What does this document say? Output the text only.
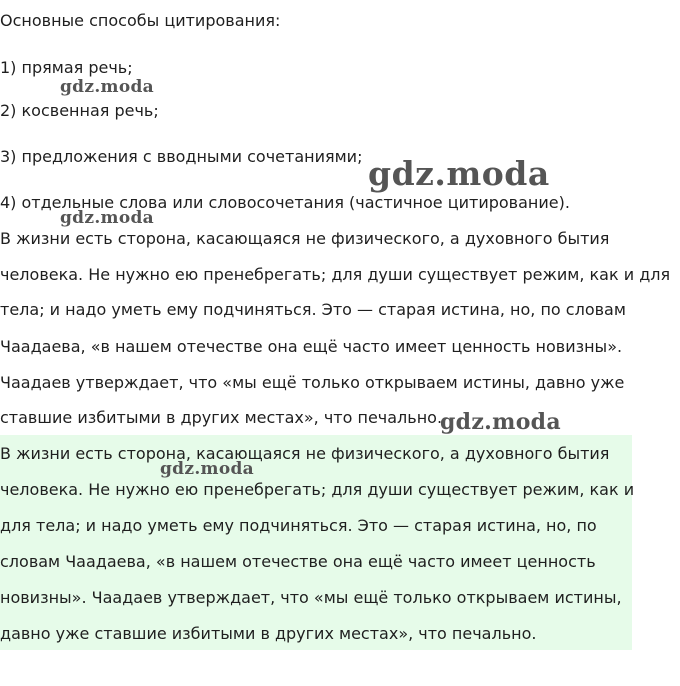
Основные способы цитирования:
1) прямая речь;
2) косвенная речь;
3) предложения с вводными сочетаниями;
4) отдельные слова или словосочетания (частичное цитирование).
В жизни есть сторона, касающаяся не физического, а духовного бытия
человека. Не нужно ею пренебрегать; для души существует режим, как и для
тела; и надо уметь ему подчиняться. Это — старая истина, но, по словам
Чаадаева, «в нашем отечестве она ещё часто имеет ценность новизны».
Чаадаев утверждает, что «мы ещё только открываем истины, давно уже
ставшие избитыми в других местах», что печально.
В жизни есть сторона, касающаяся не физического, а духовного бытия
человека. Не нужно ею пренебрегать; для души существует режим, как и
для тела; и надо уметь ему подчиняться. Это — старая истина, но, по
словам Чаадаева, «в нашем отечестве она ещё часто имеет ценность
новизны». Чаадаев утверждает, что «мы ещё только открываем истины,
давно уже ставшие избитыми в других местах», что печально.
gdz.moda
gdz.moda
gdz.moda
gdz.moda
gdz.moda
